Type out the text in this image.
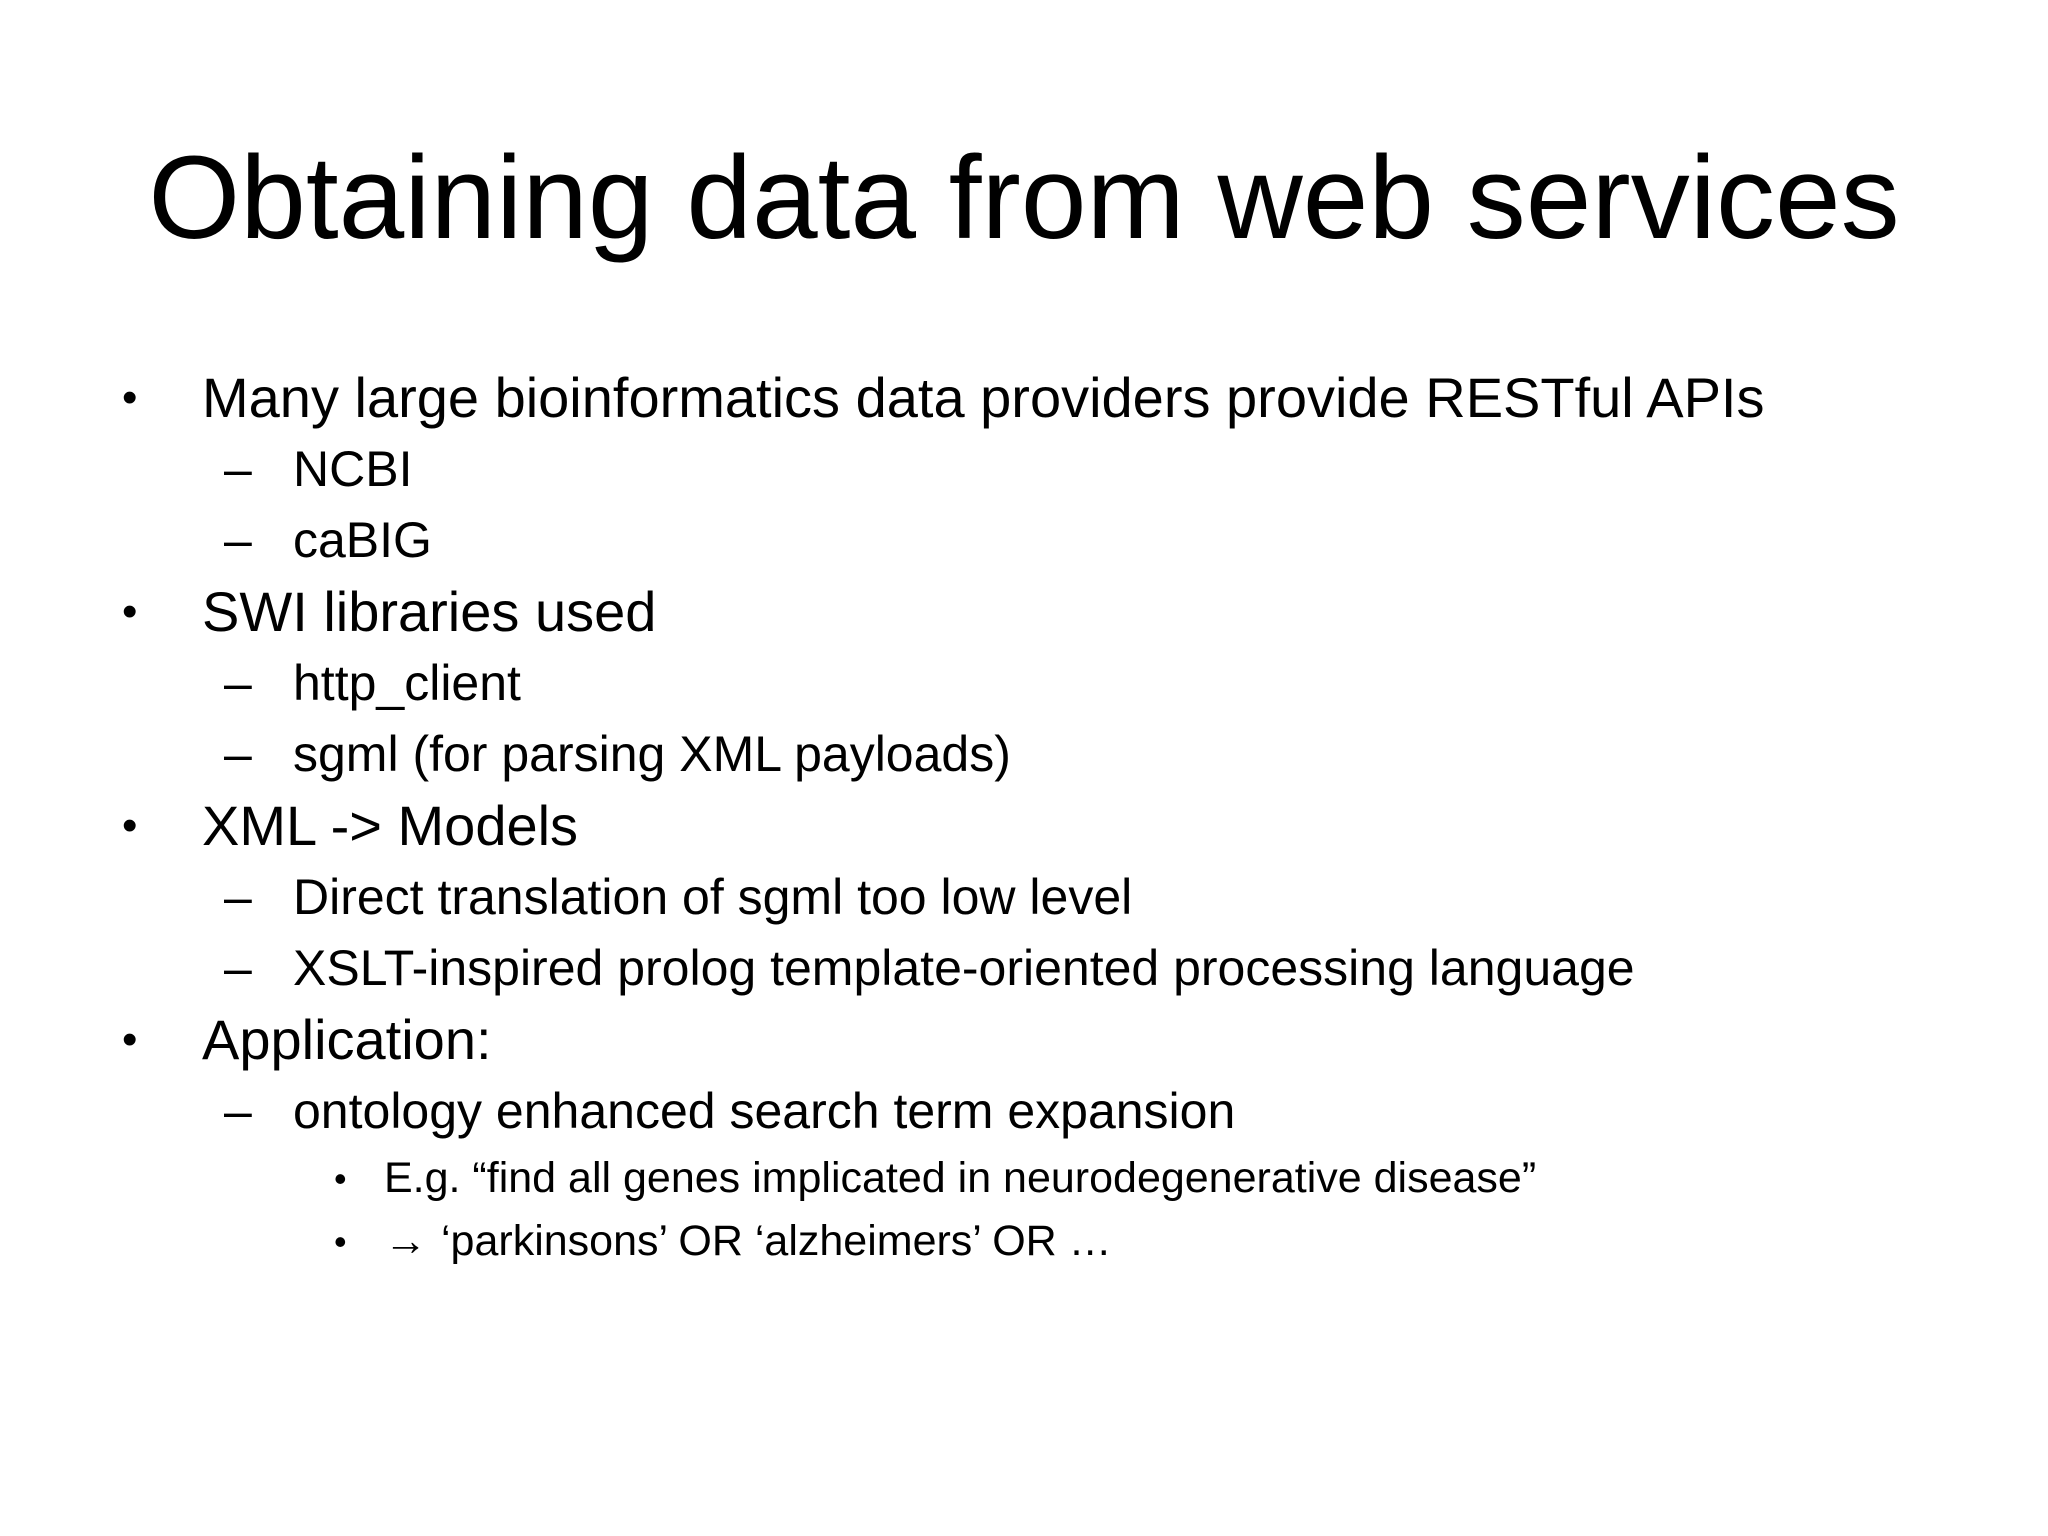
Obtaining data from web services
• Many large bioinformatics data providers provide RESTful APIs
– NCBI
– caBIG
• SWI libraries used
– http_client
– sgml (for parsing XML payloads)
• XML -> Models
– Direct translation of sgml too low level
– XSLT-inspired prolog template-oriented processing language
• Application:
– ontology enhanced search term expansion
• E.g. “find all genes implicated in neurodegenerative disease”
• → ‘parkinsons’ OR ‘alzheimers’ OR …
